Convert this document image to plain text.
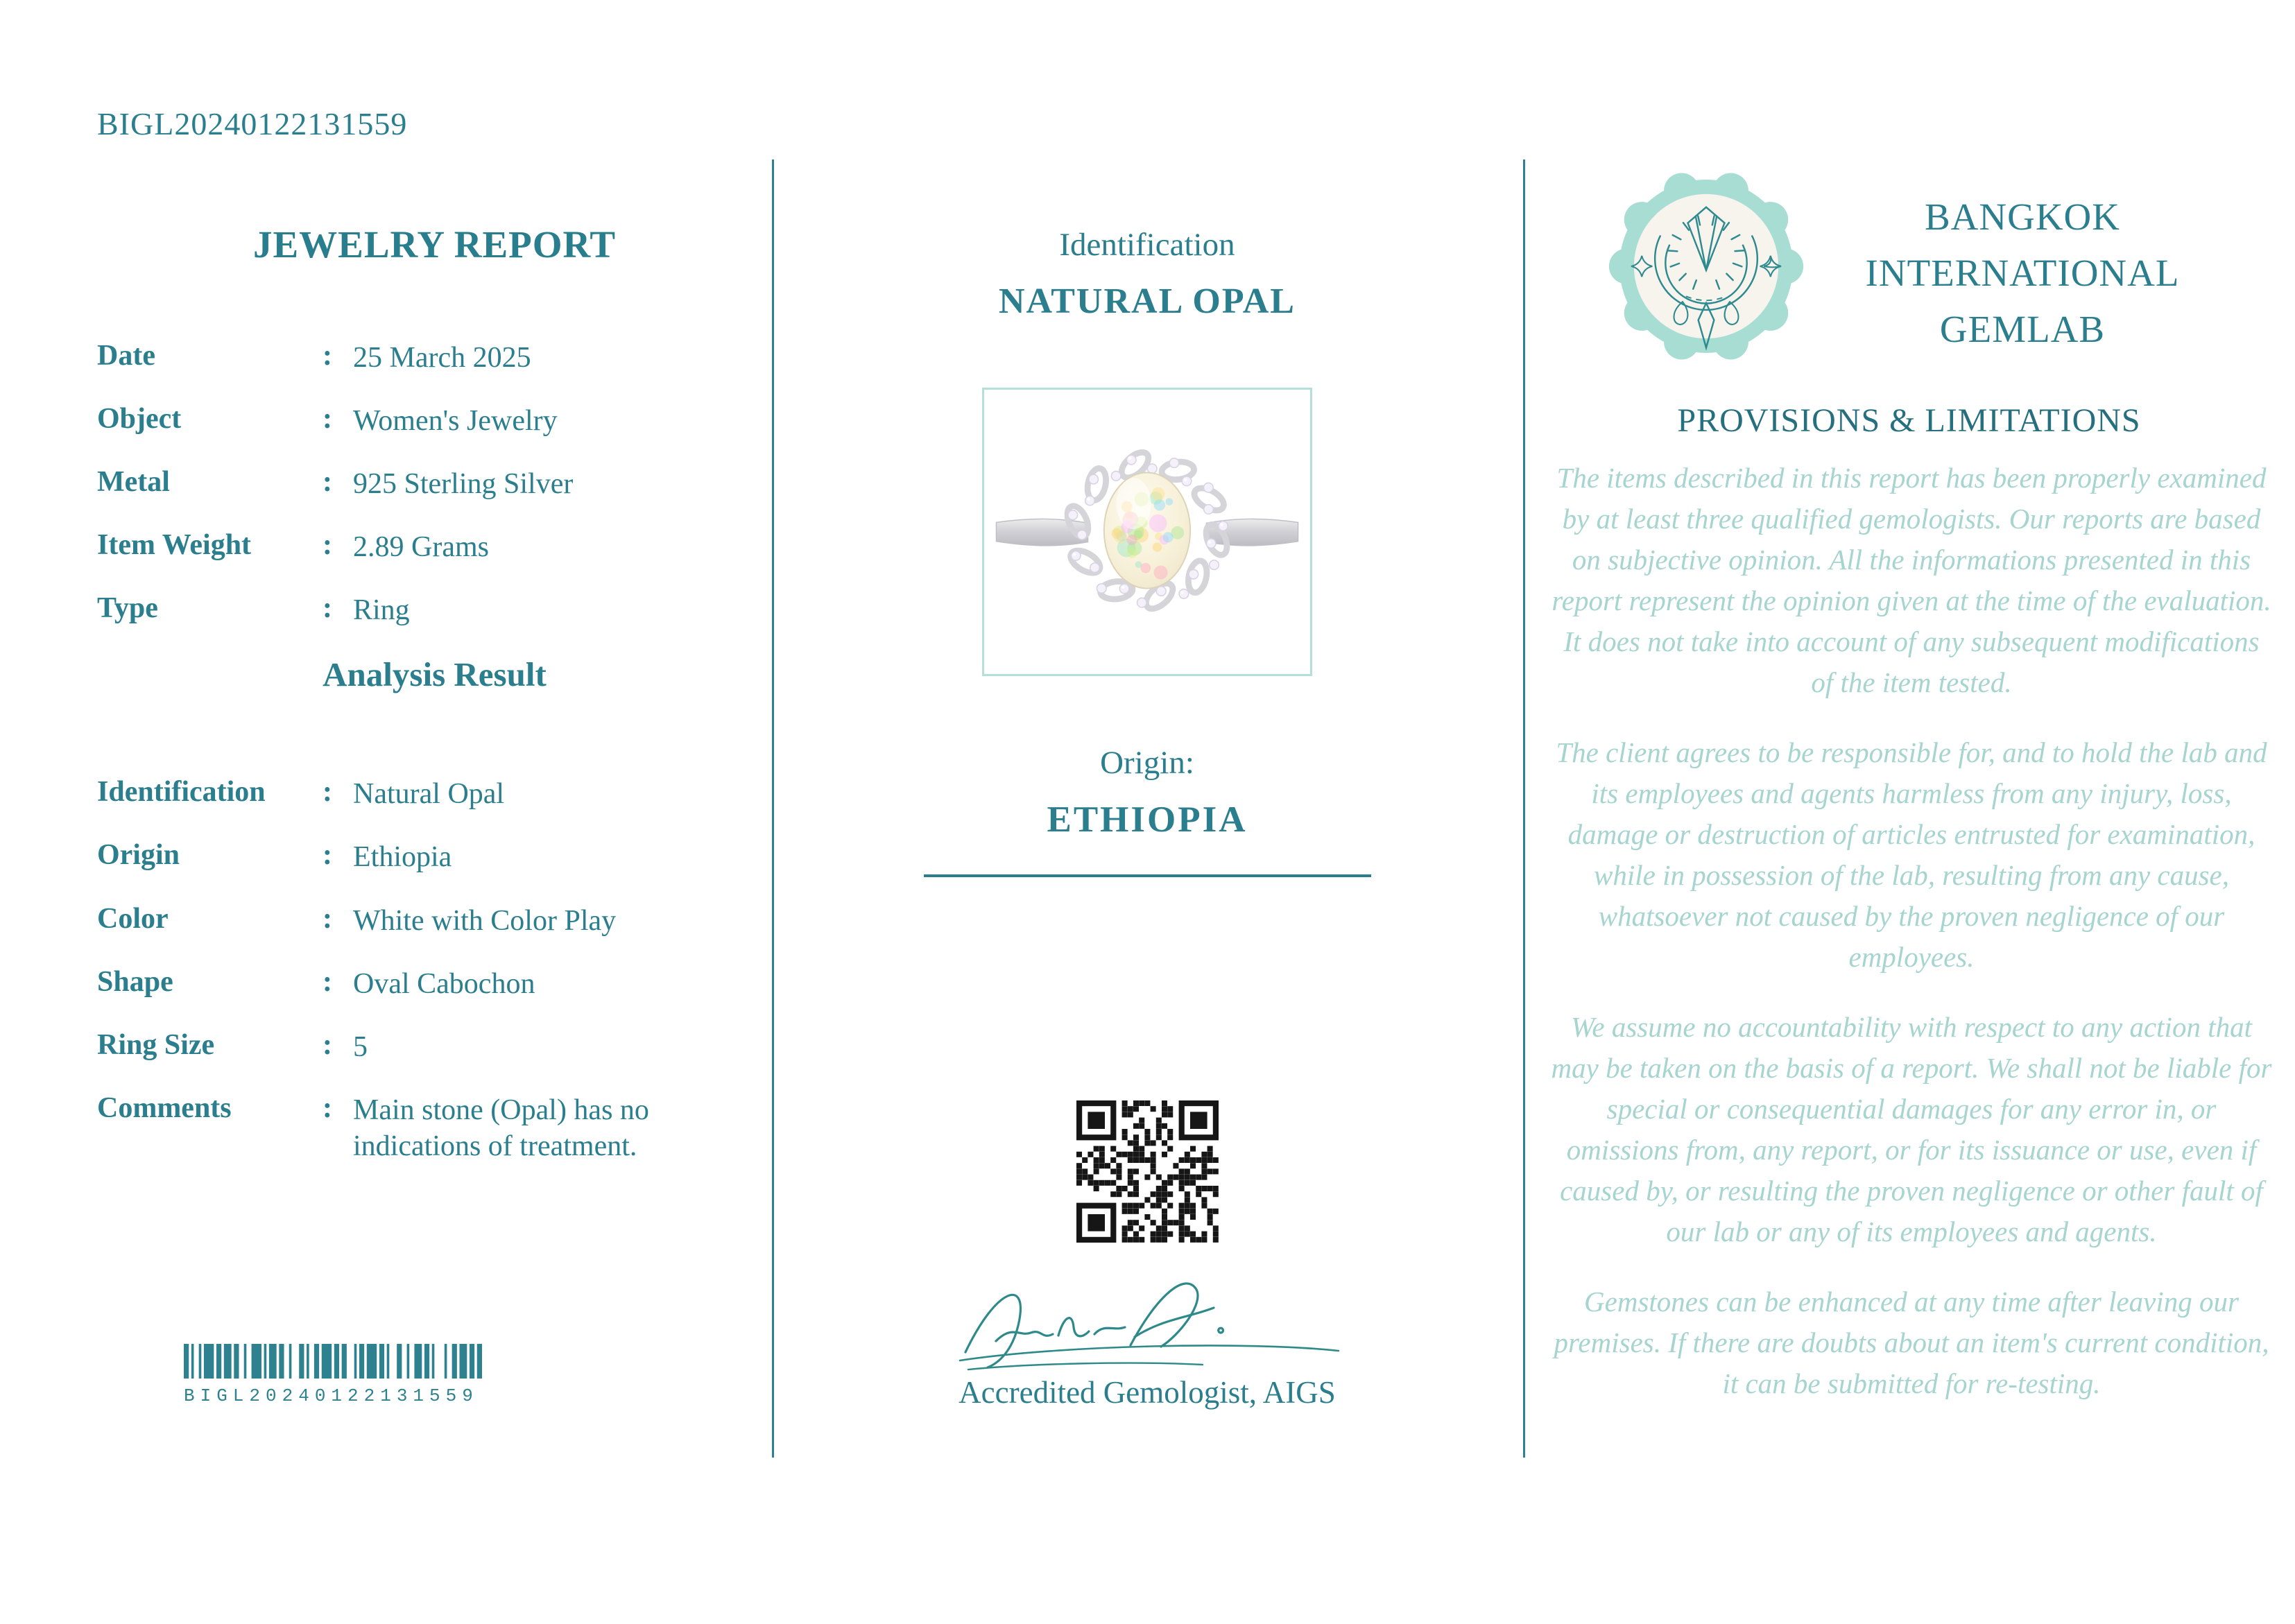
BIGL20240122131559
JEWELRY REPORT
Date	: 25 March 2025
Object	: Women's Jewelry
Metal	: 925 Sterling Silver
Item Weight	: 2.89 Grams
Type	: Ring
Analysis Result
Identification	: Natural Opal
Origin	: Ethiopia
Color	: White with Color Play
Shape	: Oval Cabochon
Ring Size	: 5
Comments	: Main stone (Opal) has no indications of treatment.
BIGL20240122131559
Identification
NATURAL OPAL
Origin:
ETHIOPIA
Accredited Gemologist, AIGS
BANGKOK
INTERNATIONAL
GEMLAB
PROVISIONS & LIMITATIONS

The items described in this report has been properly examined by at least three qualified gemologists. Our reports are based on subjective opinion. All the informations presented in this report represent the opinion given at the time of the evaluation. It does not take into account of any subsequent modifications of the item tested.

The client agrees to be responsible for, and to hold the lab and its employees and agents harmless from any injury, loss, damage or destruction of articles entrusted for examination, while in possession of the lab, resulting from any cause, whatsoever not caused by the proven negligence of our employees.

We assume no accountability with respect to any action that may be taken on the basis of a report. We shall not be liable for special or consequential damages for any error in, or omissions from, any report, or for its issuance or use, even if caused by, or resulting the proven negligence or other fault of our lab or any of its employees and agents.

Gemstones can be enhanced at any time after leaving our premises. If there are doubts about an item's current condition, it can be submitted for re-testing.
